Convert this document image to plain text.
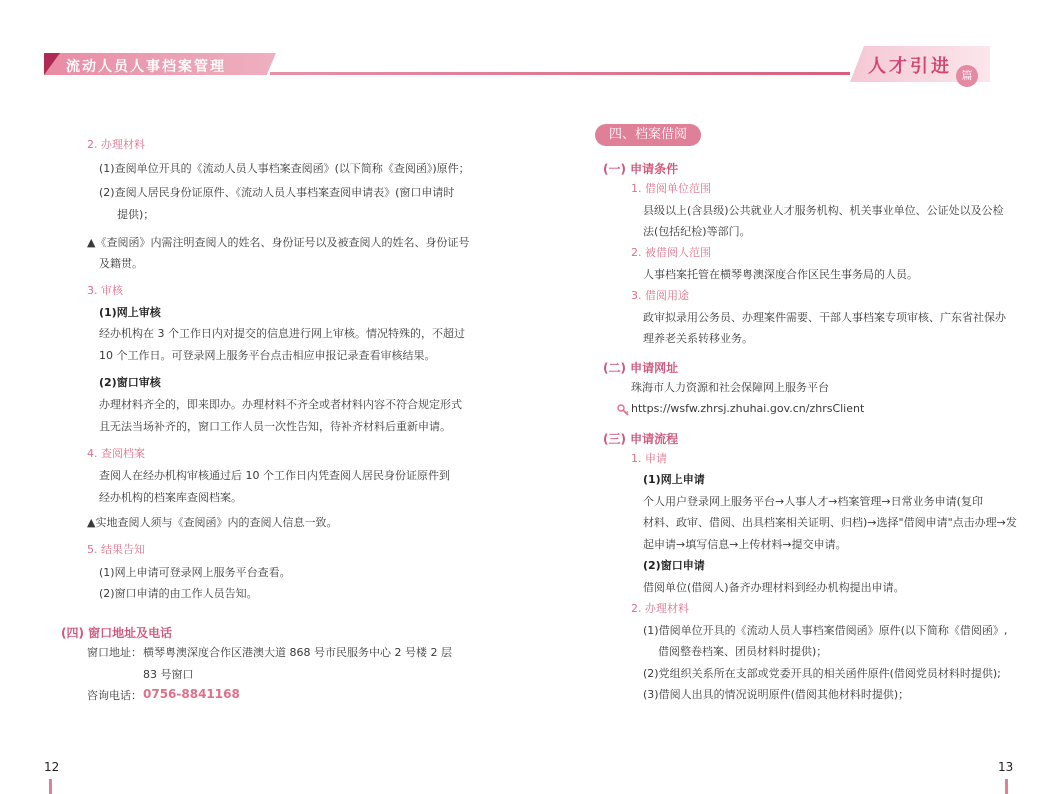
流动人员人事档案管理	人才引进 篇
2. 办理材料
(1)查阅单位开具的《流动人员人事档案查阅函》(以下简称《查阅函》)原件；
(2)查阅人居民身份证原件、《流动人员人事档案查阅申请表》(窗口申请时
提供)；
▲《查阅函》内需注明查阅人的姓名、身份证号以及被查阅人的姓名、身份证号
及籍贯。
3. 审核
(1)网上审核
经办机构在 3 个工作日内对提交的信息进行网上审核。情况特殊的，不超过
10 个工作日。可登录网上服务平台点击相应申报记录查看审核结果。
(2)窗口审核
办理材料齐全的，即来即办。办理材料不齐全或者材料内容不符合规定形式
且无法当场补齐的，窗口工作人员一次性告知，待补齐材料后重新申请。
4. 查阅档案
查阅人在经办机构审核通过后 10 个工作日内凭查阅人居民身份证原件到
经办机构的档案库查阅档案。
▲实地查阅人须与《查阅函》内的查阅人信息一致。
5. 结果告知
(1)网上申请可登录网上服务平台查看。
(2)窗口申请的由工作人员告知。
(四) 窗口地址及电话
窗口地址： 横琴粤澳深度合作区港澳大道 868 号市民服务中心 2 号楼 2 层
83 号窗口
咨询电话： 0756-8841168
12
四、档案借阅
(一) 申请条件
1. 借阅单位范围
县级以上(含县级)公共就业人才服务机构、机关事业单位、公证处以及公检
法(包括纪检)等部门。
2. 被借阅人范围
人事档案托管在横琴粤澳深度合作区民生事务局的人员。
3. 借阅用途
政审拟录用公务员、办理案件需要、干部人事档案专项审核、广东省社保办
理养老关系转移业务。
(二) 申请网址
珠海市人力资源和社会保障网上服务平台
https://wsfw.zhrsj.zhuhai.gov.cn/zhrsClient
(三) 申请流程
1. 申请
(1)网上申请
个人用户登录网上服务平台→人事人才→档案管理→日常业务申请(复印
材料、政审、借阅、出具档案相关证明、归档)→选择"借阅申请"点击办理→发
起申请→填写信息→上传材料→提交申请。
(2)窗口申请
借阅单位(借阅人)备齐办理材料到经办机构提出申请。
2. 办理材料
(1)借阅单位开具的《流动人员人事档案借阅函》原件(以下简称《借阅函》,
借阅整卷档案、团员材料时提供)；
(2)党组织关系所在支部或党委开具的相关函件原件(借阅党员材料时提供);
(3)借阅人出具的情况说明原件(借阅其他材料时提供)；
13
